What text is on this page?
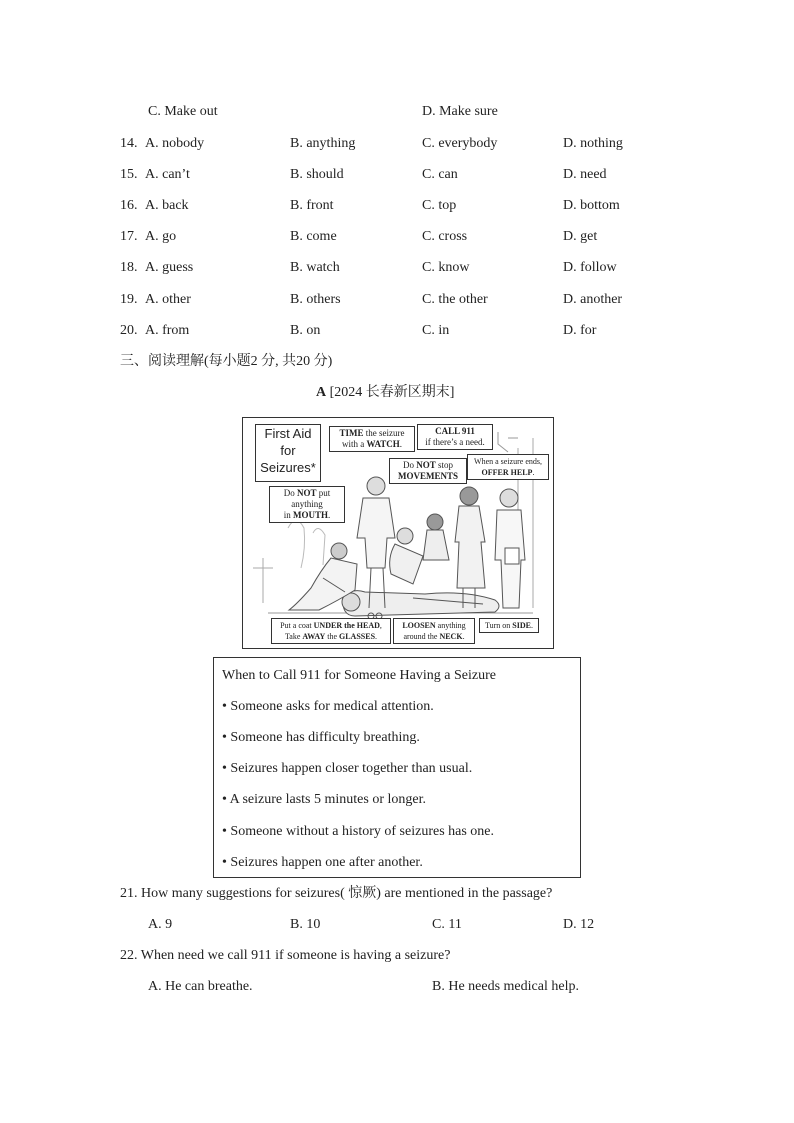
C. Make out	D. Make sure
14. A. nobody	B. anything	C. everybody	D. nothing
15. A. can’t	B. should	C. can	D. need
16. A. back	B. front	C. top	D. bottom
17. A. go	B. come	C. cross	D. get
18. A. guess	B. watch	C. know	D. follow
19. A. other	B. others	C. the other	D. another
20. A. from	B. on	C. in	D. for
三、阅读理解(每小题2 分, 共20 分)
A [2024 长春新区期末]
First Aid
for
Seizures*
TIME the seizure
with a WATCH.
CALL 911
if there’s a need.
Do NOT stop
MOVEMENTS
When a seizure ends,
OFFER HELP.
Do NOT put anything
in MOUTH.
Put a coat UNDER the HEAD,
Take AWAY the GLASSES.
LOOSEN anything
around the NECK.
Turn on SIDE.
When to Call 911 for Someone Having a Seizure
• Someone asks for medical attention.
• Someone has difficulty breathing.
• Seizures happen closer together than usual.
• A seizure lasts 5 minutes or longer.
• Someone without a history of seizures has one.
• Seizures happen one after another.
21. How many suggestions for seizures( 惊厥) are mentioned in the passage?
A. 9	B. 10	C. 11	D. 12
22. When need we call 911 if someone is having a seizure?
A. He can breathe.	B. He needs medical help.
